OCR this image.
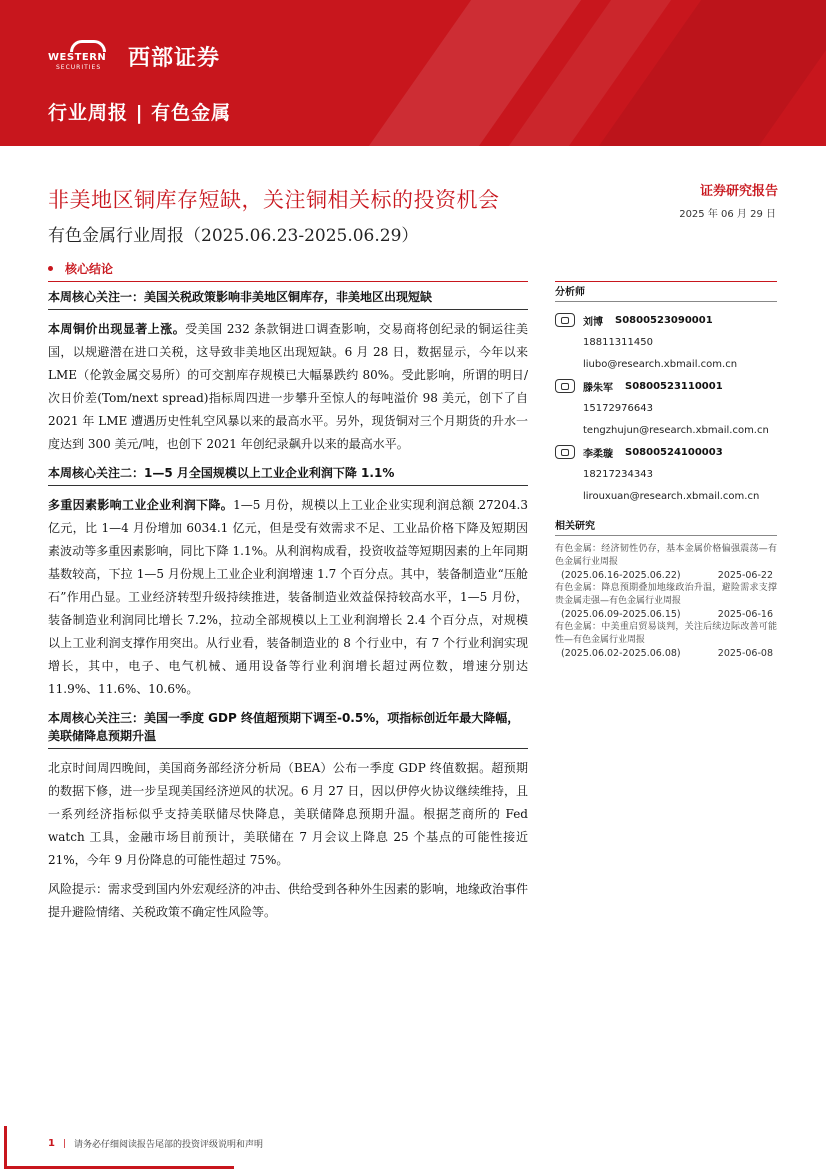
WESTERN
SECURITIES 西部证券
行业周报 | 有色金属
非美地区铜库存短缺，关注铜相关标的投资机会
有色金属行业周报（2025.06.23-2025.06.29）
证券研究报告
2025 年 06 月 29 日
核心结论
本周核心关注一：美国关税政策影响非美地区铜库存，非美地区出现短缺

本周铜价出现显著上涨。受美国 232 条款铜进口调查影响，交易商将创纪录的铜运往美国，以规避潜在进口关税，这导致非美地区出现短缺。6 月 28 日，数据显示，今年以来 LME（伦敦金属交易所）的可交割库存规模已大幅暴跌约 80%。受此影响，所谓的明日/次日价差(Tom/next spread)指标周四进一步攀升至惊人的每吨溢价 98 美元，创下了自 2021 年 LME 遭遇历史性轧空风暴以来的最高水平。另外，现货铜对三个月期货的升水一度达到 300 美元/吨，也创下 2021 年创纪录飙升以来的最高水平。

本周核心关注二：1—5 月全国规模以上工业企业利润下降 1.1%

多重因素影响工业企业利润下降。1—5 月份，规模以上工业企业实现利润总额 27204.3 亿元，比 1—4 月份增加 6034.1 亿元，但是受有效需求不足、工业品价格下降及短期因素波动等多重因素影响，同比下降 1.1%。从利润构成看，投资收益等短期因素的上年同期基数较高，下拉 1—5 月份规上工业企业利润增速 1.7 个百分点。其中，装备制造业“压舱石”作用凸显。工业经济转型升级持续推进，装备制造业效益保持较高水平，1—5 月份，装备制造业利润同比增长 7.2%，拉动全部规模以上工业利润增长 2.4 个百分点，对规模以上工业利润支撑作用突出。从行业看，装备制造业的 8 个行业中，有 7 个行业利润实现增长，其中，电子、电气机械、通用设备等行业利润增长超过两位数，增速分别达 11.9%、11.6%、10.6%。

本周核心关注三：美国一季度 GDP 终值超预期下调至-0.5%，项指标创近年最大降幅，美联储降息预期升温

北京时间周四晚间，美国商务部经济分析局（BEA）公布一季度 GDP 终值数据。超预期的数据下修，进一步呈现美国经济逆风的状况。6 月 27 日，因以伊停火协议继续维持，且一系列经济指标似乎支持美联储尽快降息，美联储降息预期升温。根据芝商所的 Fed watch 工具，金融市场目前预计，美联储在 7 月会议上降息 25 个基点的可能性接近 21%，今年 9 月份降息的可能性超过 75%。

风险提示：需求受到国内外宏观经济的冲击、供给受到各种外生因素的影响，地缘政治事件提升避险情绪、关税政策不确定性风险等。

分析师
刘博 S0800523090001
18811311450
liubo@research.xbmail.com.cn
滕朱军 S0800523110001
15172976643
tengzhujun@research.xbmail.com.cn
李柔璇 S0800524100003
18217234343
lirouxuan@research.xbmail.com.cn
相关研究
有色金属：经济韧性仍存，基本金属价格偏强震荡—有色金属行业周报
(2025.06.16-2025.06.22)	2025-06-22
有色金属：降息预期叠加地缘政治升温，避险需求支撑贵金属走强—有色金属行业周报
(2025.06.09-2025.06.15)	2025-06-16
有色金属：中美重启贸易谈判，关注后续边际改善可能性—有色金属行业周报
(2025.06.02-2025.06.08)	2025-06-08
1 | 请务必仔细阅读报告尾部的投资评级说明和声明
